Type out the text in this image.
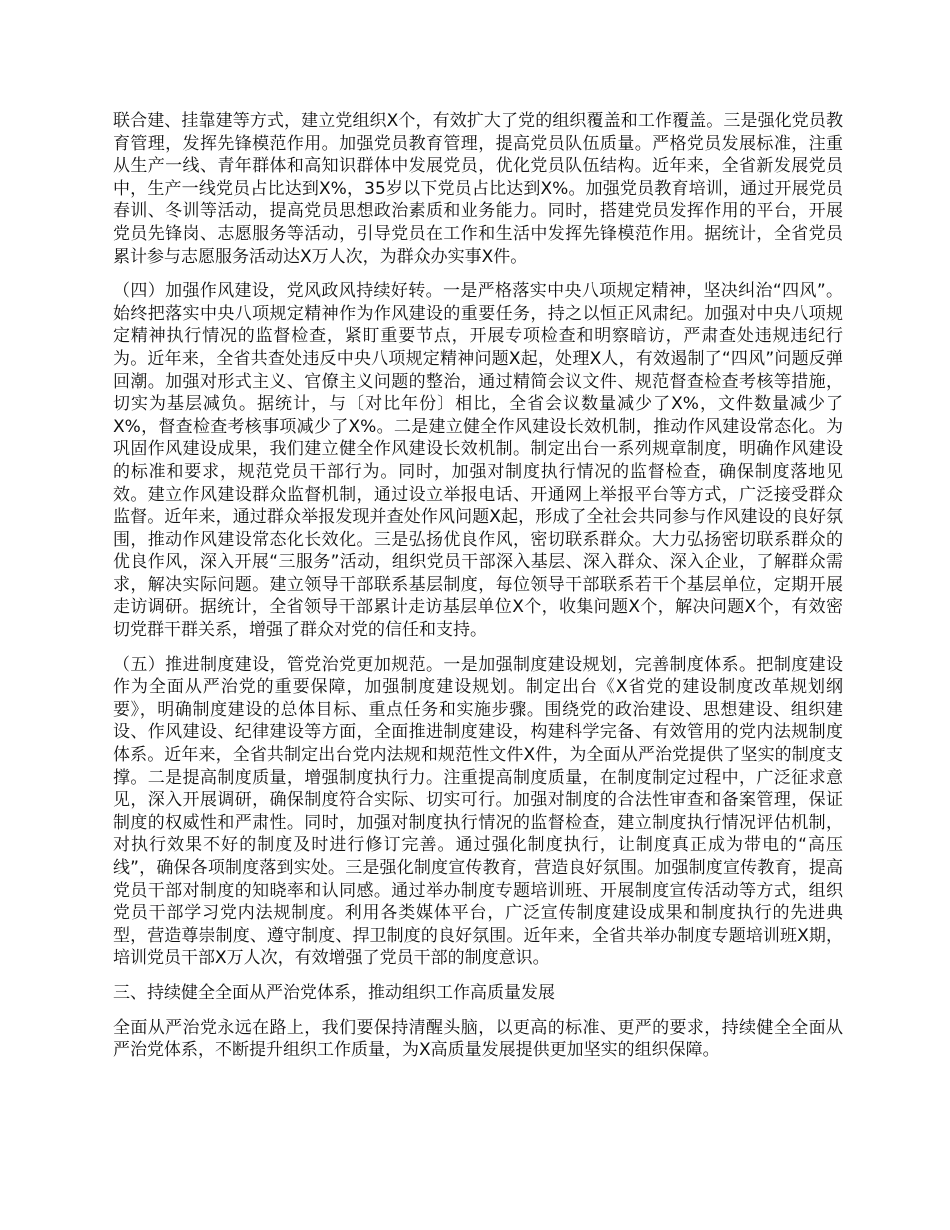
联合建、挂靠建等方式，建立党组织X个，有效扩大了党的组织覆盖和工作覆盖。三是强化党员教育管理，发挥先锋模范作用。加强党员教育管理，提高党员队伍质量。严格党员发展标准，注重从生产一线、青年群体和高知识群体中发展党员，优化党员队伍结构。近年来，全省新发展党员中，生产一线党员占比达到X%，35岁以下党员占比达到X%。加强党员教育培训，通过开展党员春训、冬训等活动，提高党员思想政治素质和业务能力。同时，搭建党员发挥作用的平台，开展党员先锋岗、志愿服务等活动，引导党员在工作和生活中发挥先锋模范作用。据统计，全省党员累计参与志愿服务活动达X万人次，为群众办实事X件。

（四）加强作风建设，党风政风持续好转。一是严格落实中央八项规定精神，坚决纠治“四风”。始终把落实中央八项规定精神作为作风建设的重要任务，持之以恒正风肃纪。加强对中央八项规定精神执行情况的监督检查，紧盯重要节点，开展专项检查和明察暗访，严肃查处违规违纪行为。近年来，全省共查处违反中央八项规定精神问题X起，处理X人，有效遏制了“四风”问题反弹回潮。加强对形式主义、官僚主义问题的整治，通过精简会议文件、规范督查检查考核等措施，切实为基层减负。据统计，与〔对比年份〕相比，全省会议数量减少了X%，文件数量减少了X%，督查检查考核事项减少了X%。二是建立健全作风建设长效机制，推动作风建设常态化。为巩固作风建设成果，我们建立健全作风建设长效机制。制定出台一系列规章制度，明确作风建设的标准和要求，规范党员干部行为。同时，加强对制度执行情况的监督检查，确保制度落地见效。建立作风建设群众监督机制，通过设立举报电话、开通网上举报平台等方式，广泛接受群众监督。近年来，通过群众举报发现并查处作风问题X起，形成了全社会共同参与作风建设的良好氛围，推动作风建设常态化长效化。三是弘扬优良作风，密切联系群众。大力弘扬密切联系群众的优良作风，深入开展“三服务”活动，组织党员干部深入基层、深入群众、深入企业，了解群众需求，解决实际问题。建立领导干部联系基层制度，每位领导干部联系若干个基层单位，定期开展走访调研。据统计，全省领导干部累计走访基层单位X个，收集问题X个，解决问题X个，有效密切党群干群关系，增强了群众对党的信任和支持。

（五）推进制度建设，管党治党更加规范。一是加强制度建设规划，完善制度体系。把制度建设作为全面从严治党的重要保障，加强制度建设规划。制定出台《X省党的建设制度改革规划纲要》，明确制度建设的总体目标、重点任务和实施步骤。围绕党的政治建设、思想建设、组织建设、作风建设、纪律建设等方面，全面推进制度建设，构建科学完备、有效管用的党内法规制度体系。近年来，全省共制定出台党内法规和规范性文件X件，为全面从严治党提供了坚实的制度支撑。二是提高制度质量，增强制度执行力。注重提高制度质量，在制度制定过程中，广泛征求意见，深入开展调研，确保制度符合实际、切实可行。加强对制度的合法性审查和备案管理，保证制度的权威性和严肃性。同时，加强对制度执行情况的监督检查，建立制度执行情况评估机制，对执行效果不好的制度及时进行修订完善。通过强化制度执行，让制度真正成为带电的“高压线”，确保各项制度落到实处。三是强化制度宣传教育，营造良好氛围。加强制度宣传教育，提高党员干部对制度的知晓率和认同感。通过举办制度专题培训班、开展制度宣传活动等方式，组织党员干部学习党内法规制度。利用各类媒体平台，广泛宣传制度建设成果和制度执行的先进典型，营造尊崇制度、遵守制度、捍卫制度的良好氛围。近年来，全省共举办制度专题培训班X期，培训党员干部X万人次，有效增强了党员干部的制度意识。

三、持续健全全面从严治党体系，推动组织工作高质量发展

全面从严治党永远在路上，我们要保持清醒头脑，以更高的标准、更严的要求，持续健全全面从严治党体系，不断提升组织工作质量，为X高质量发展提供更加坚实的组织保障。
